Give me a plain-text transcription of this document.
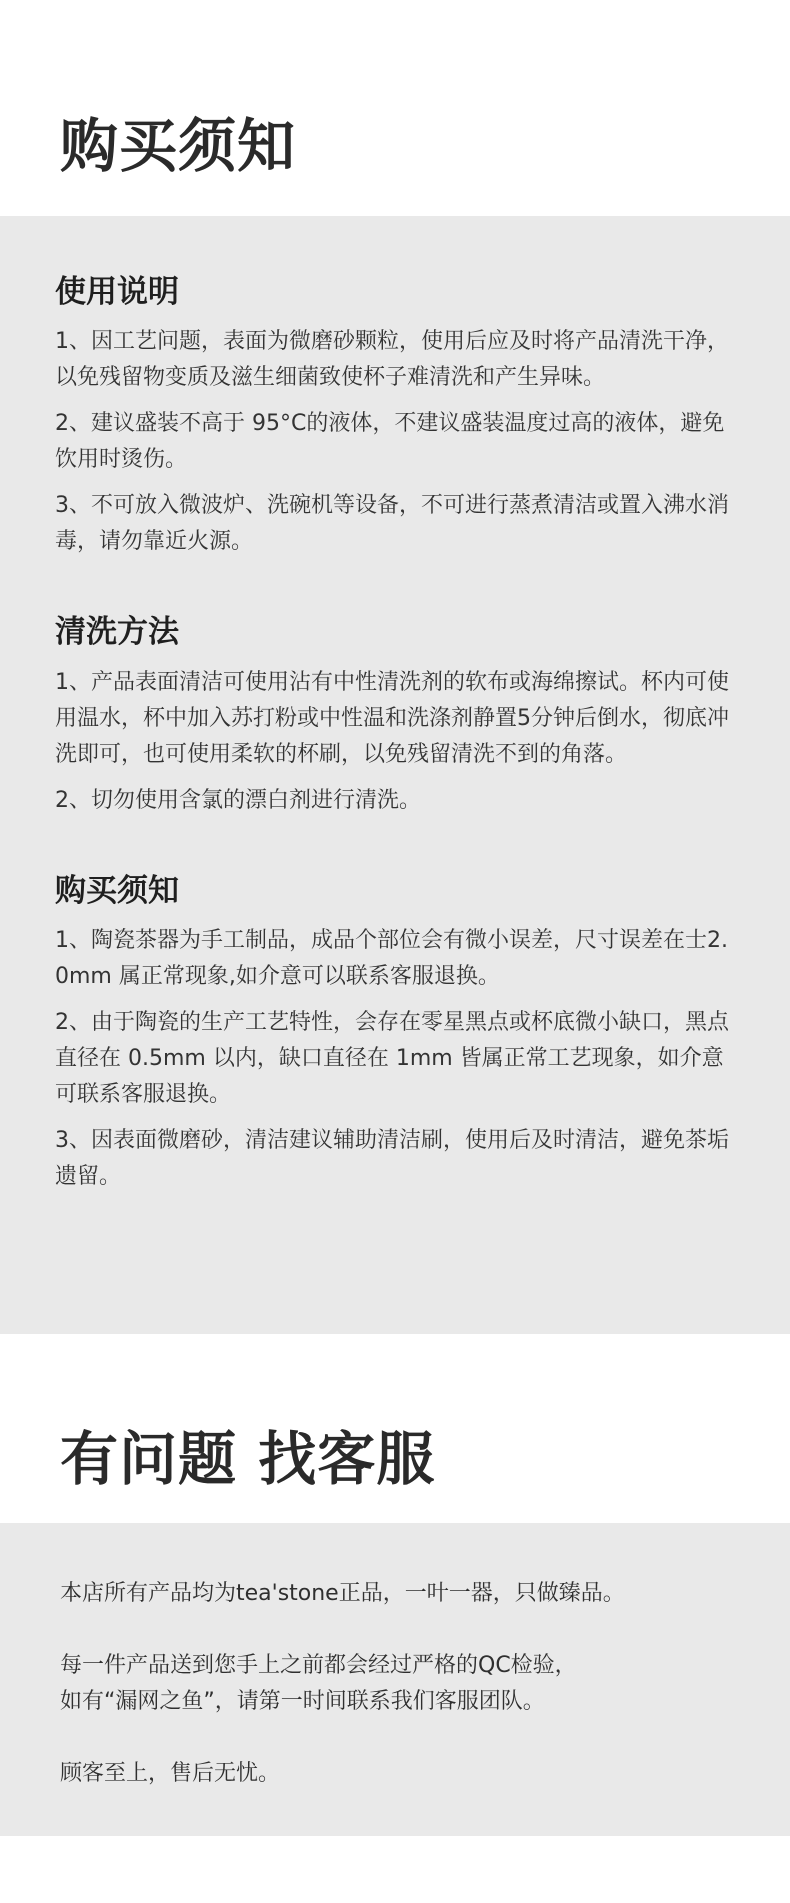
购买须知
使用说明

1、因工艺问题，表面为微磨砂颗粒，使用后应及时将产品清洗干净，以免残留物变质及滋生细菌致使杯子难清洗和产生异味。

2、建议盛装不高于 95°C的液体，不建议盛装温度过高的液体，避免饮用时烫伤。

3、不可放入微波炉、洗碗机等设备，不可进行蒸煮清洁或置入沸水消毒，请勿靠近火源。

清洗方法

1、产品表面清洁可使用沾有中性清洗剂的软布或海绵擦试。杯内可使用温水，杯中加入苏打粉或中性温和洗涤剂静置5分钟后倒水，彻底冲洗即可，也可使用柔软的杯刷，以免残留清洗不到的角落。

2、切勿使用含氯的漂白剂进行清洗。

购买须知

1、陶瓷茶器为手工制品，成品个部位会有微小误差，尺寸误差在士2.0mm 属正常现象,如介意可以联系客服退换。

2、由于陶瓷的生产工艺特性，会存在零星黑点或杯底微小缺口，黑点直径在 0.5mm 以内，缺口直径在 1mm 皆属正常工艺现象，如介意可联系客服退换。

3、因表面微磨砂，清洁建议辅助清洁刷，使用后及时清洁，避免茶垢遗留。

有问题 找客服

本店所有产品均为tea'stone正品，一叶一器，只做臻品。

每一件产品送到您手上之前都会经过严格的QC检验，

如有“漏网之鱼”，请第一时间联系我们客服团队。

顾客至上，售后无忧。
